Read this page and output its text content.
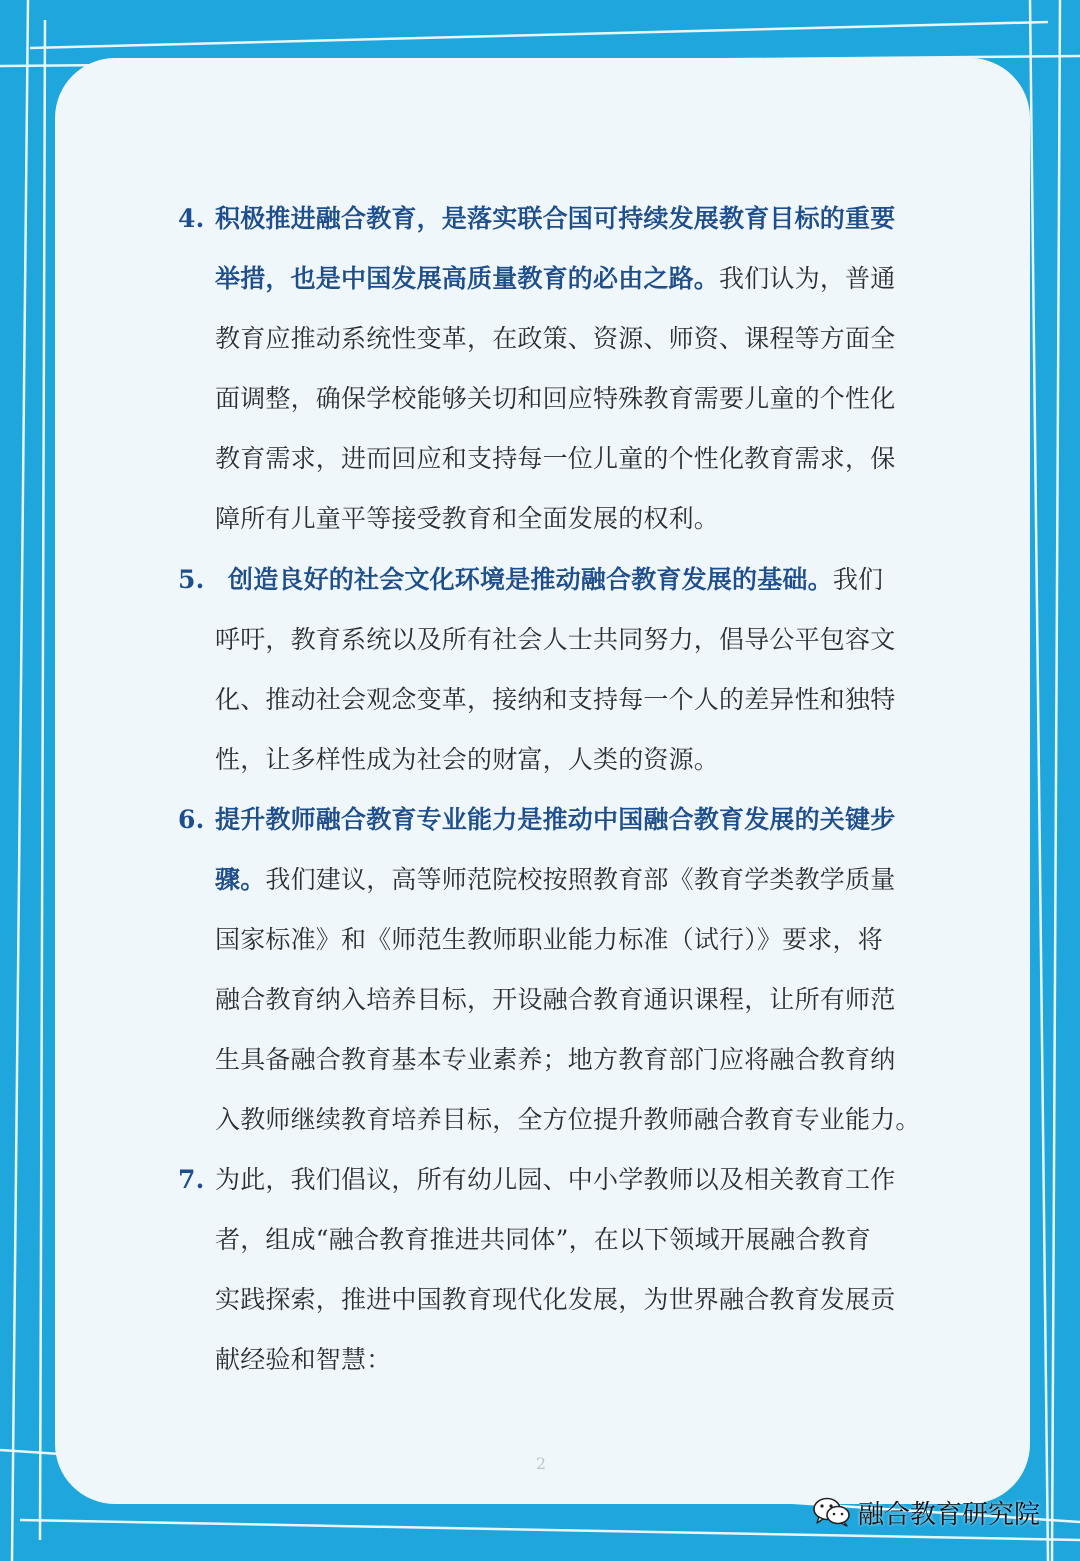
4. 积极推进融合教育，是落实联合国可持续发展教育目标的重要
举措，也是中国发展高质量教育的必由之路。我们认为，普通
教育应推动系统性变革，在政策、资源、师资、课程等方面全
面调整，确保学校能够关切和回应特殊教育需要儿童的个性化
教育需求，进而回应和支持每一位儿童的个性化教育需求，保
障所有儿童平等接受教育和全面发展的权利。
5. 创造良好的社会文化环境是推动融合教育发展的基础。我们
呼吁，教育系统以及所有社会人士共同努力，倡导公平包容文
化、推动社会观念变革，接纳和支持每一个人的差异性和独特
性，让多样性成为社会的财富，人类的资源。
6. 提升教师融合教育专业能力是推动中国融合教育发展的关键步
骤。我们建议，高等师范院校按照教育部《教育学类教学质量
国家标准》和《师范生教师职业能力标准（试行）》要求，将
融合教育纳入培养目标，开设融合教育通识课程，让所有师范
生具备融合教育基本专业素养；地方教育部门应将融合教育纳
入教师继续教育培养目标，全方位提升教师融合教育专业能力。
7. 为此，我们倡议，所有幼儿园、中小学教师以及相关教育工作
者，组成“融合教育推进共同体”，在以下领域开展融合教育
实践探索，推进中国教育现代化发展，为世界融合教育发展贡
献经验和智慧：
2
融合教育研究院
